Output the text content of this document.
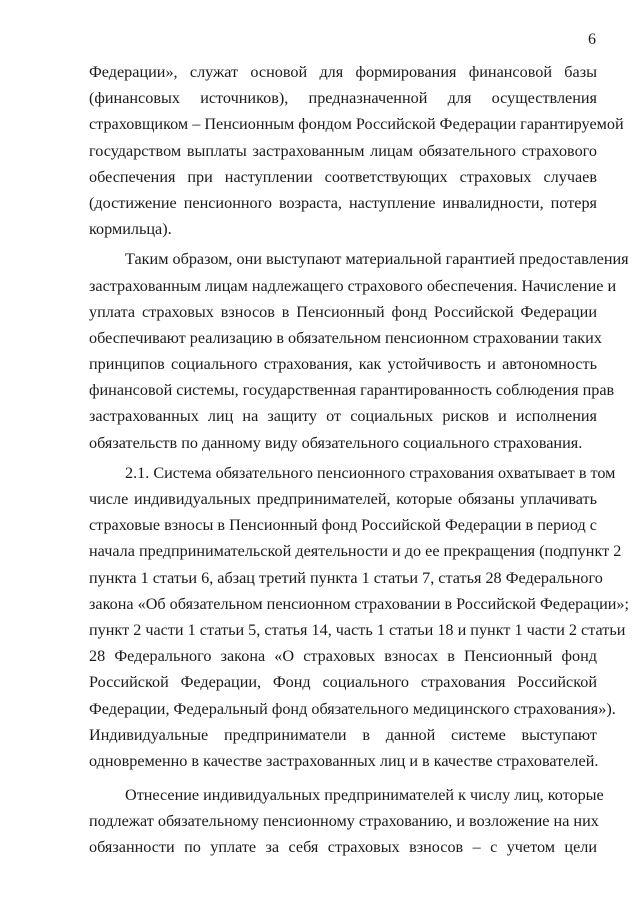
6
Федерации», служат основой для формирования финансовой базы
(финансовых источников), предназначенной для осуществления
страховщиком – Пенсионным фондом Российской Федерации гарантируемой
государством выплаты застрахованным лицам обязательного страхового
обеспечения при наступлении соответствующих страховых случаев
(достижение пенсионного возраста, наступление инвалидности, потеря
кормильца).
Таким образом, они выступают материальной гарантией предоставления
застрахованным лицам надлежащего страхового обеспечения. Начисление и
уплата страховых взносов в Пенсионный фонд Российской Федерации
обеспечивают реализацию в обязательном пенсионном страховании таких
принципов социального страхования, как устойчивость и автономность
финансовой системы, государственная гарантированность соблюдения прав
застрахованных лиц на защиту от социальных рисков и исполнения
обязательств по данному виду обязательного социального страхования.
2.1. Система обязательного пенсионного страхования охватывает в том
числе индивидуальных предпринимателей, которые обязаны уплачивать
страховые взносы в Пенсионный фонд Российской Федерации в период с
начала предпринимательской деятельности и до ее прекращения (подпункт 2
пункта 1 статьи 6, абзац третий пункта 1 статьи 7, статья 28 Федерального
закона «Об обязательном пенсионном страховании в Российской Федерации»;
пункт 2 части 1 статьи 5, статья 14, часть 1 статьи 18 и пункт 1 части 2 статьи
28 Федерального закона «О страховых взносах в Пенсионный фонд
Российской Федерации, Фонд социального страхования Российской
Федерации, Федеральный фонд обязательного медицинского страхования»).
Индивидуальные предприниматели в данной системе выступают
одновременно в качестве застрахованных лиц и в качестве страхователей.
Отнесение индивидуальных предпринимателей к числу лиц, которые
подлежат обязательному пенсионному страхованию, и возложение на них
обязанности по уплате за себя страховых взносов – с учетом цели
